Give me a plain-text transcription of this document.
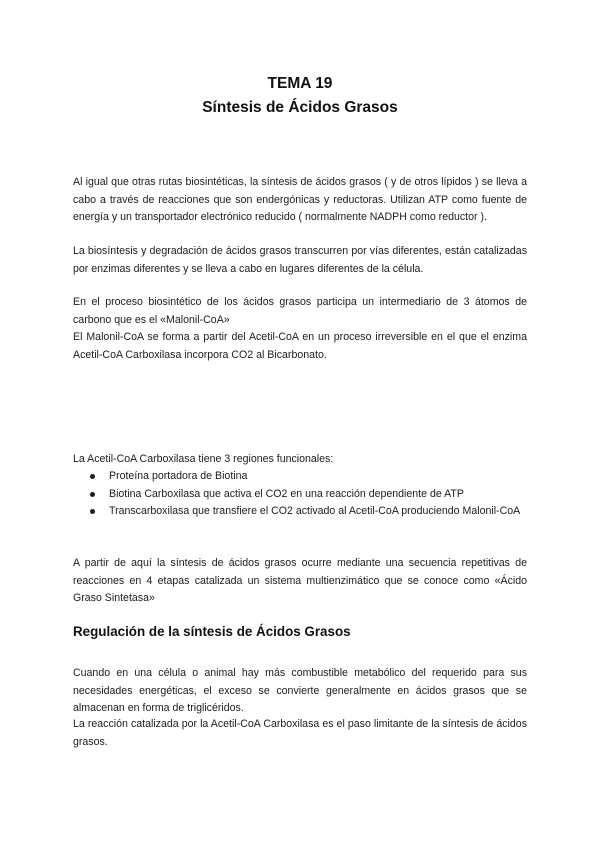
TEMA 19
Síntesis de Ácidos Grasos
Al igual que otras rutas biosintéticas, la síntesis de ácidos grasos ( y de otros lípidos ) se lleva a cabo a través de reacciones que son endergónicas y reductoras. Utilizan ATP como fuente de energía y un transportador electrónico reducido ( normalmente NADPH como reductor ).
La biosíntesis y degradación de ácidos grasos transcurren por vías diferentes, están catalizadas por enzimas diferentes y se lleva a cabo en lugares diferentes de la célula.
En el proceso biosintético de los ácidos grasos participa un intermediario de 3 átomos de carbono que es el «Malonil-CoA»
El Malonil-CoA se forma a partir del Acetil-CoA en un proceso irreversible en el que el enzima Acetil-CoA Carboxilasa incorpora CO2 al Bicarbonato.
La Acetil-CoA Carboxilasa tiene 3 regiones funcionales:
Proteína portadora de Biotina
Biotina Carboxilasa que activa el CO2 en una reacción dependiente de ATP
Transcarboxilasa que transfiere el CO2 activado al Acetil-CoA produciendo Malonil-CoA
A partir de aquí la síntesis de ácidos grasos ocurre mediante una secuencia repetitivas de reacciones en 4 etapas catalizada un sistema multienzimático que se conoce como «Ácido Graso Sintetasa»
Regulación de la síntesis de Ácidos Grasos
Cuando en una célula o animal hay más combustible metabólico del requerido para sus necesidades energéticas, el exceso se convierte generalmente en ácidos grasos que se almacenan en forma de triglicéridos.
La reacción catalizada por la Acetil-CoA Carboxilasa es el paso limitante de la síntesis de ácidos grasos.
